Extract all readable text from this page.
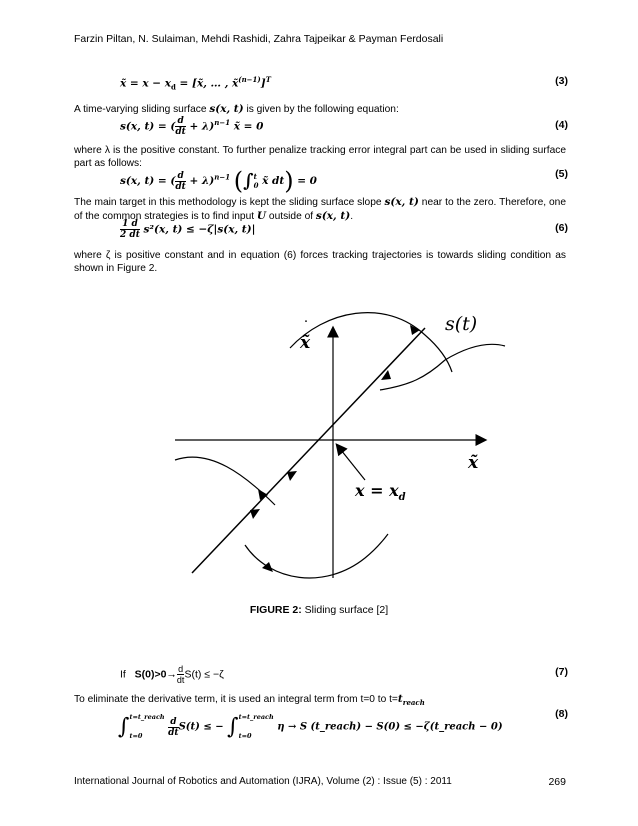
Farzin Piltan, N. Sulaiman, Mehdi Rashidi, Zahra Tajpeikar & Payman Ferdosali
x̃ = $x - x_d$ = [x̃, … , x̃$^{(n-1)}$]$^T$	(3)
A time-varying sliding surface s(x, t) is given by the following equation:
s(x, t) = ( $\frac{d}{dt} + \lambda)^{n-1}$ x̃ = 0	(4)
where λ is the positive constant. To further penalize tracking error integral part can be used in sliding surface part as follows:
s(x, t) = ( $\frac{d}{dt} + \lambda)^{n-1}$ (∫ t
0 x̃ dt) = 0
(5)
The main target in this methodology is kept the sliding surface slope s(x, t) near to the zero. Therefore, one of the common strategies is to find input U outside of s(x, t).
$\frac{1 d}{2 dt} s^2(x$, t) ≤ −ζ|s(x, t)|	(6)
where ζ is positive constant and in equation (6) forces tracking trajectories is towards sliding condition as shown in Figure 2.
x̃
˙
x̃
s(t)
$x = x_d$
FIGURE 2: Sliding surface [2]
If $S(0)>0\to \frac{d}{dt} S(t) \le -\zeta$	(7)
To eliminate the derivative term, it is used an integral term from t=0 to $t=t_{reach}$
∫ t=t_reach
t=0
	$\frac{d}{dt} S(t)$ ≤ − ∫ t=t_reach
t=0
η → S (t_reach) − S(0) ≤ −ζ(t_reach − 0)
(8)
International Journal of Robotics and Automation (IJRA), Volume (2) : Issue (5) : 2011	269
